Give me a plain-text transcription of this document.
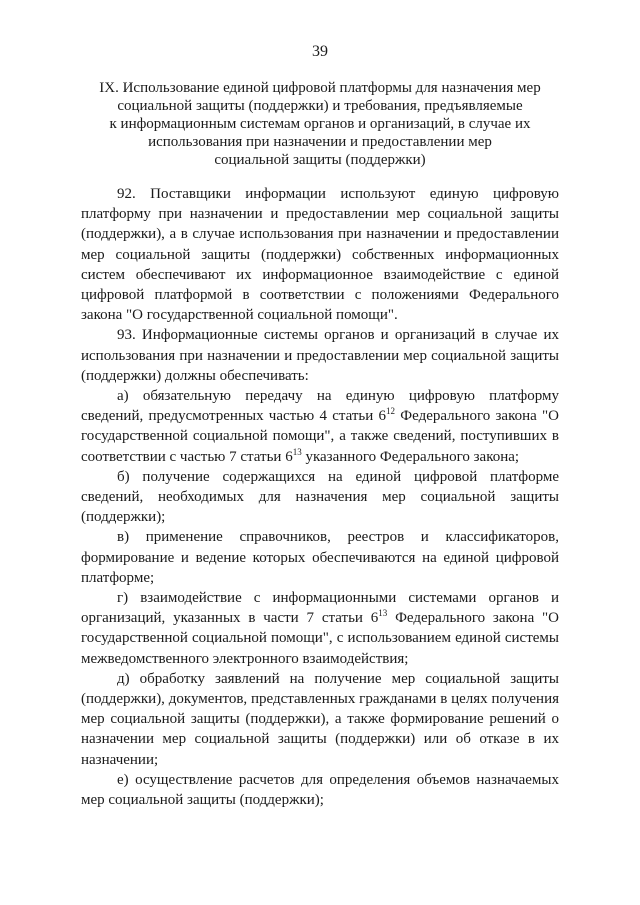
39
IX. Использование единой цифровой платформы для назначения мер
социальной защиты (поддержки) и требования, предъявляемые
к информационным системам органов и организаций, в случае их
использования при назначении и предоставлении мер
социальной защиты (поддержки)

92. Поставщики информации используют единую цифровую платформу при назначении и предоставлении мер социальной защиты (поддержки), а в случае использования при назначении и предоставлении мер социальной защиты (поддержки) собственных информационных систем обеспечивают их информационное взаимодействие с единой цифровой платформой в соответствии с положениями Федерального закона "О государственной социальной помощи".

93. Информационные системы органов и организаций в случае их использования при назначении и предоставлении мер социальной защиты (поддержки) должны обеспечивать:

а) обязательную передачу на единую цифровую платформу сведений, предусмотренных частью 4 статьи $6^{12}$ Федерального закона "О государственной социальной помощи", а также сведений, поступивших в соответствии с частью 7 статьи $6^{13}$ указанного Федерального закона;

б) получение содержащихся на единой цифровой платформе сведений, необходимых для назначения мер социальной защиты (поддержки);

в) применение справочников, реестров и классификаторов, формирование и ведение которых обеспечиваются на единой цифровой платформе;

г) взаимодействие с информационными системами органов и организаций, указанных в части 7 статьи $6^{13}$ Федерального закона "О государственной социальной помощи", с использованием единой системы межведомственного электронного взаимодействия;

д) обработку заявлений на получение мер социальной защиты (поддержки), документов, представленных гражданами в целях получения мер социальной защиты (поддержки), а также формирование решений о назначении мер социальной защиты (поддержки) или об отказе в их назначении;

е) осуществление расчетов для определения объемов назначаемых мер социальной защиты (поддержки);
